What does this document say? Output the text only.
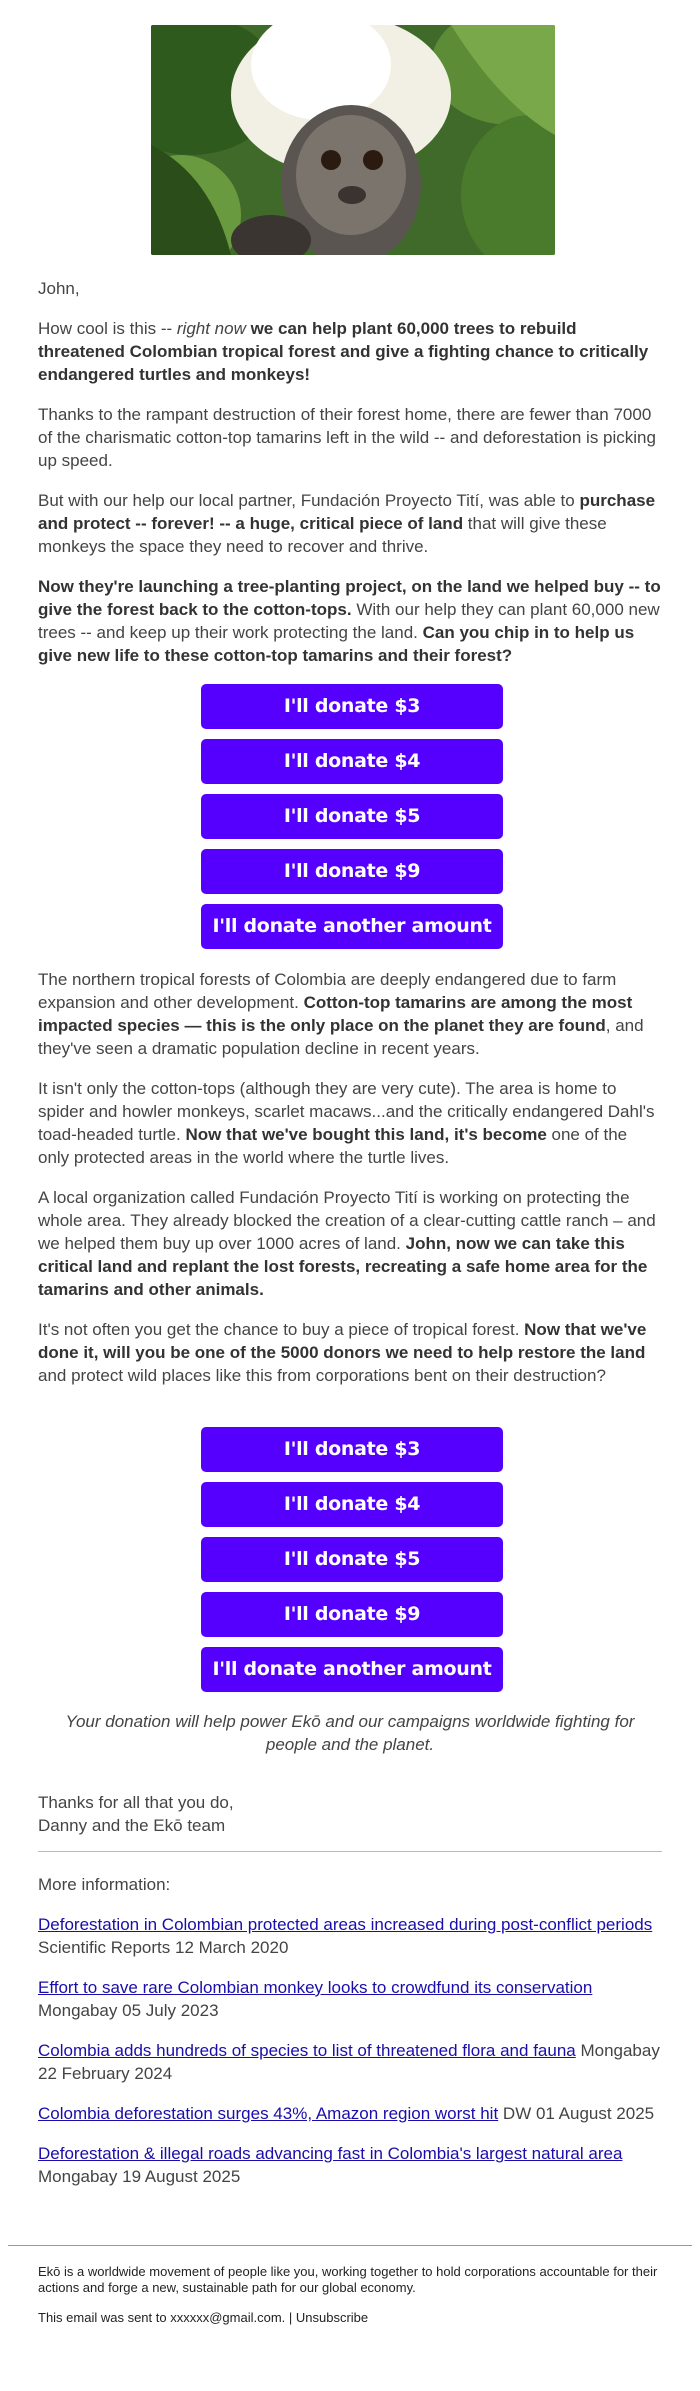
John,

How cool is this -- right now we can help plant 60,000 trees to rebuild threatened Colombian tropical forest and give a fighting chance to critically endangered turtles and monkeys!

Thanks to the rampant destruction of their forest home, there are fewer than 7000 of the charismatic cotton-top tamarins left in the wild -- and deforestation is picking up speed.

But with our help our local partner, Fundación Proyecto Tití, was able to purchase and protect -- forever! -- a huge, critical piece of land that will give these monkeys the space they need to recover and thrive.

Now they're launching a tree-planting project, on the land we helped buy -- to give the forest back to the cotton-tops. With our help they can plant 60,000 new trees -- and keep up their work protecting the land. Can you chip in to help us give new life to these cotton-top tamarins and their forest?

I'll donate $3
I'll donate $4
I'll donate $5
I'll donate $9
I'll donate another amount

The northern tropical forests of Colombia are deeply endangered due to farm expansion and other development. Cotton-top tamarins are among the most impacted species — this is the only place on the planet they are found, and they've seen a dramatic population decline in recent years.

It isn't only the cotton-tops (although they are very cute). The area is home to spider and howler monkeys, scarlet macaws...and the critically endangered Dahl's toad-headed turtle. Now that we've bought this land, it's become one of the only protected areas in the world where the turtle lives.

A local organization called Fundación Proyecto Tití is working on protecting the whole area. They already blocked the creation of a clear-cutting cattle ranch – and we helped them buy up over 1000 acres of land. John, now we can take this critical land and replant the lost forests, recreating a safe home area for the tamarins and other animals.

It's not often you get the chance to buy a piece of tropical forest. Now that we've done it, will you be one of the 5000 donors we need to help restore the land and protect wild places like this from corporations bent on their destruction?

I'll donate $3
I'll donate $4
I'll donate $5
I'll donate $9
I'll donate another amount
Your donation will help power Ekō and our campaigns worldwide fighting for people and the planet.
Thanks for all that you do,
Danny and the Ekō team
More information:

Deforestation in Colombian protected areas increased during post-conflict periods Scientific Reports 12 March 2020

Effort to save rare Colombian monkey looks to crowdfund its conservation Mongabay 05 July 2023

Colombia adds hundreds of species to list of threatened flora and fauna Mongabay 22 February 2024

Colombia deforestation surges 43%, Amazon region worst hit DW 01 August 2025

Deforestation & illegal roads advancing fast in Colombia's largest natural area Mongabay 19 August 2025

Ekō is a worldwide movement of people like you, working together to hold corporations accountable for their actions and forge a new, sustainable path for our global economy.

This email was sent to xxxxxx@gmail.com. | Unsubscribe
